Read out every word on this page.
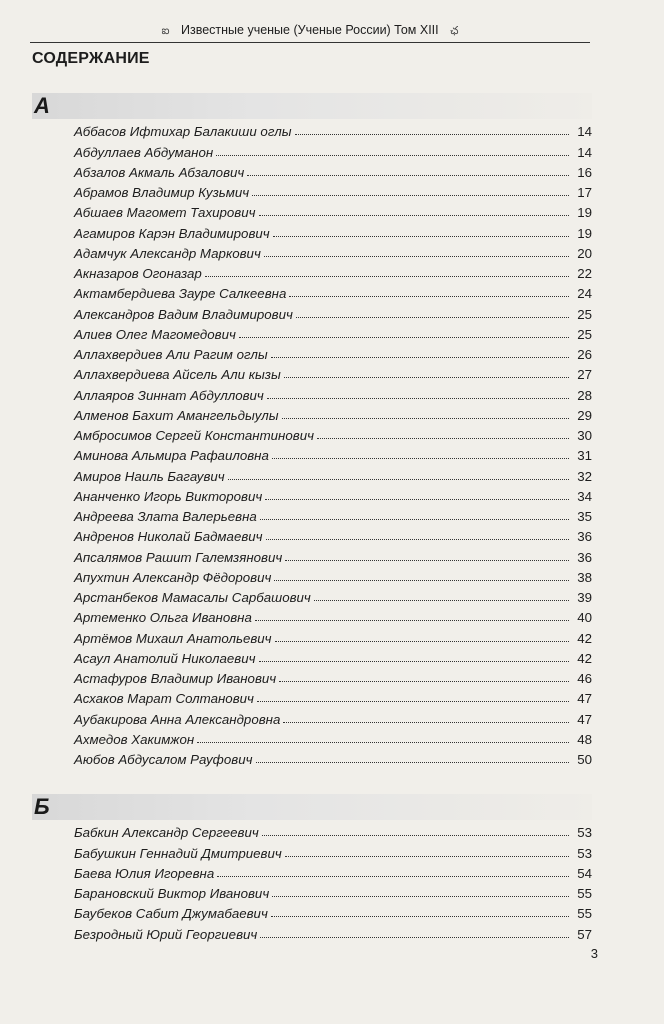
ఐ Известные ученые (Ученые России) Том XIII ఛ
СОДЕРЖАНИЕ
А
Аббасов Ифтихар Балакиши оглы	14
Абдуллаев Абдуманон	14
Абзалов Акмаль Абзалович	16
Абрамов Владимир Кузьмич	17
Абшаев Магомет Тахирович	19
Агамиров Карэн Владимирович	19
Адамчук Александр Маркович	20
Акназаров Огоназар	22
Актамбердиева Зауре Салкеевна	24
Александров Вадим Владимирович	25
Алиев Олег Магомедович	25
Аллахвердиев Али Рагим оглы	26
Аллахвердиева Айсель Али кызы	27
Аллаяров Зиннат Абдуллович	28
Алменов Бахит Амангельдыулы	29
Амбросимов Сергей Константинович	30
Аминова Альмира Рафаиловна	31
Амиров Наиль Багаувич	32
Ананченко Игорь Викторович	34
Андреева Злата Валерьевна	35
Андренов Николай Бадмаевич	36
Апсалямов Рашит Галемзянович	36
Апухтин Александр Фёдорович	38
Арстанбеков Мамасалы Сарбашович	39
Артеменко Ольга Ивановна	40
Артёмов Михаил Анатольевич	42
Асаул Анатолий Николаевич	42
Астафуров Владимир Иванович	46
Асхаков Марат Солтанович	47
Аубакирова Анна Александровна	47
Ахмедов Хакимжон	48
Аюбов Абдусалом Рауфович	50
Б
Бабкин Александр Сергеевич	53
Бабушкин Геннадий Дмитриевич	53
Баева Юлия Игоревна	54
Барановский Виктор Иванович	55
Баубеков Сабит Джумабаевич	55
Безродный Юрий Георгиевич	57
3
